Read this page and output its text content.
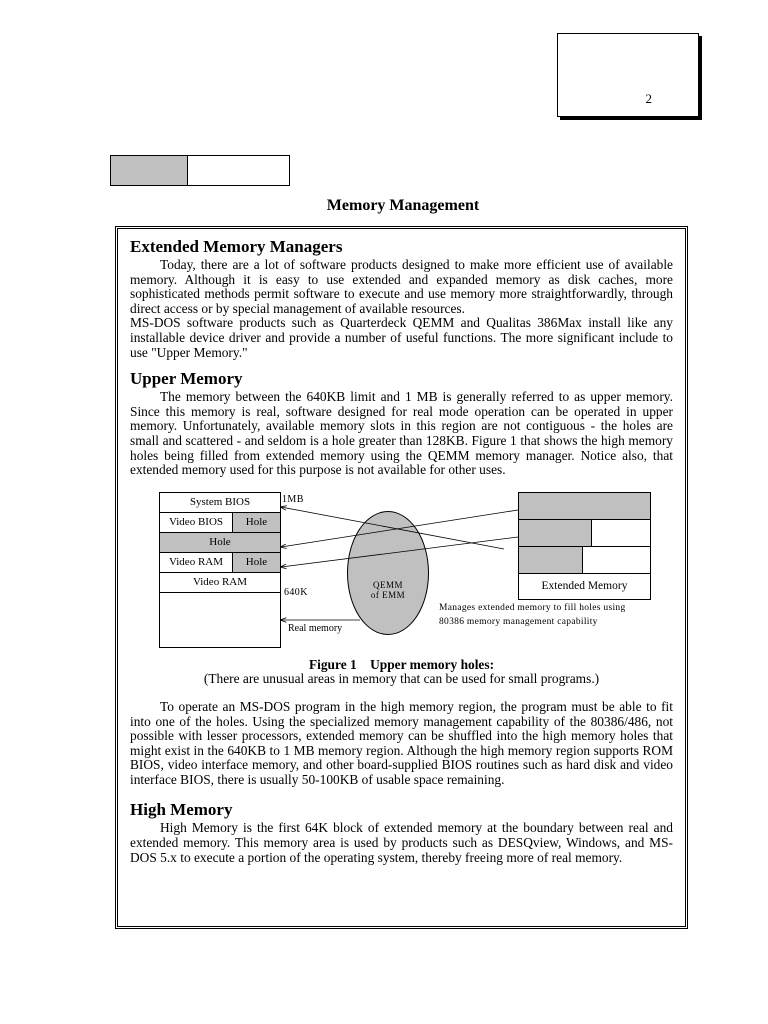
2
Memory Management
Extended Memory Managers

Today, there are a lot of software products designed to make more efficient use of available memory. Although it is easy to use extended and expanded memory as disk caches, more sophisticated methods permit software to execute and use memory more straightforwardly, through direct access or by special management of available resources.

MS-DOS software products such as Quarterdeck QEMM and Qualitas 386Max install like any installable device driver and provide a number of useful functions. The more significant include to use "Upper Memory."

Upper Memory

The memory between the 640KB limit and 1 MB is generally referred to as upper memory. Since this memory is real, software designed for real mode operation can be operated in upper memory. Unfortunately, available memory slots in this region are not contiguous - the holes are small and scattered - and seldom is a hole greater than 128KB. Figure 1 that shows the high memory holes being filled from extended memory using the QEMM memory manager. Notice also, that extended memory used for this purpose is not available for other uses.

System BIOS
Video BIOS	Hole
Hole
Video RAM	Hole
Video RAM
1MB
640K
Real memory
QEMM
of EMM
Extended Memory
Manages extended memory to fill holes using
80386 memory management capability
Figure 1 Upper memory holes:
(There are unusual areas in memory that can be used for small programs.)

To operate an MS-DOS program in the high memory region, the program must be able to fit into one of the holes. Using the specialized memory management capability of the 80386/486, not possible with lesser processors, extended memory can be shuffled into the high memory holes that might exist in the 640KB to 1 MB memory region. Although the high memory region supports ROM BIOS, video interface memory, and other board-supplied BIOS routines such as hard disk and video interface BIOS, there is usually 50-100KB of usable space remaining.

High Memory

High Memory is the first 64K block of extended memory at the boundary between real and extended memory. This memory area is used by products such as DESQview, Windows, and MS-DOS 5.x to execute a portion of the operating system, thereby freeing more of real memory.
